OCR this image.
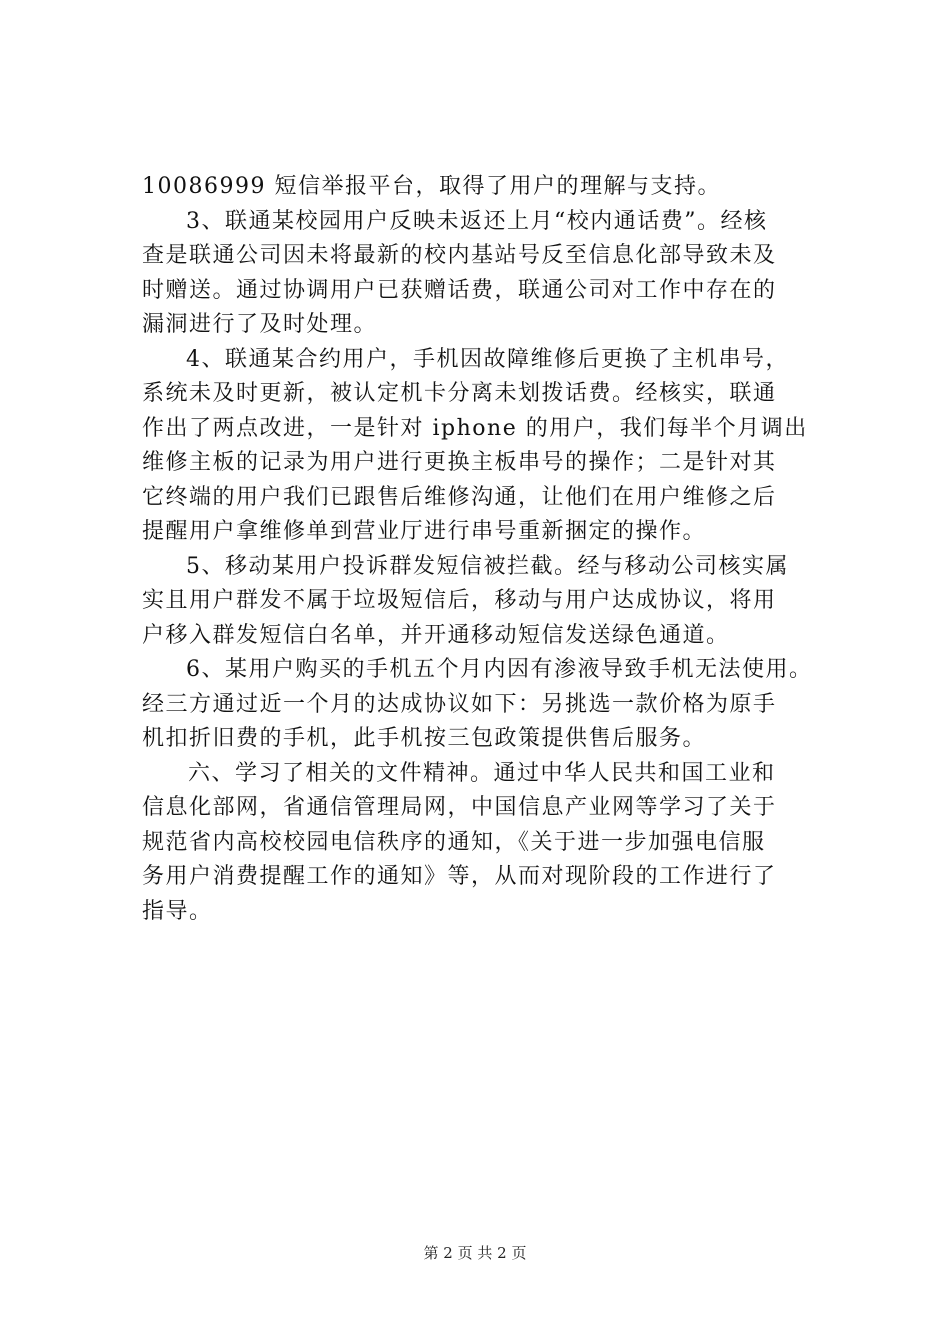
10086999 短信举报平台，取得了用户的理解与支持。
3、联通某校园用户反映未返还上月“校内通话费”。经核
查是联通公司因未将最新的校内基站号反至信息化部导致未及
时赠送。通过协调用户已获赠话费，联通公司对工作中存在的
漏洞进行了及时处理。
4、联通某合约用户，手机因故障维修后更换了主机串号，
系统未及时更新，被认定机卡分离未划拨话费。经核实，联通
作出了两点改进，一是针对 iphone 的用户，我们每半个月调出
维修主板的记录为用户进行更换主板串号的操作；二是针对其
它终端的用户我们已跟售后维修沟通，让他们在用户维修之后
提醒用户拿维修单到营业厅进行串号重新捆定的操作。
5、移动某用户投诉群发短信被拦截。经与移动公司核实属
实且用户群发不属于垃圾短信后，移动与用户达成协议，将用
户移入群发短信白名单，并开通移动短信发送绿色通道。
6、某用户购买的手机五个月内因有渗液导致手机无法使用。
经三方通过近一个月的达成协议如下：另挑选一款价格为原手
机扣折旧费的手机，此手机按三包政策提供售后服务。
六、学习了相关的文件精神。通过中华人民共和国工业和
信息化部网，省通信管理局网，中国信息产业网等学习了关于
规范省内高校校园电信秩序的通知，《关于进一步加强电信服
务用户消费提醒工作的通知》等，从而对现阶段的工作进行了
指导。
第 2 页 共 2 页
